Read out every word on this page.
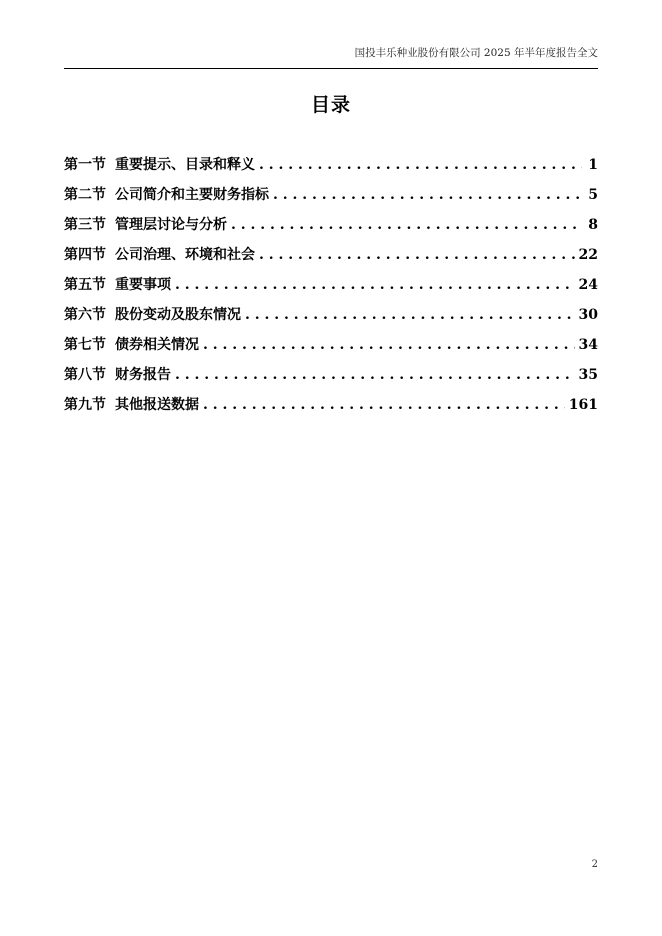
国投丰乐种业股份有限公司 2025 年半年度报告全文
目录
第一节 重要提示、目录和释义 . . .	1
第二节 公司简介和主要财务指标 . . .	5
第三节 管理层讨论与分析 . . .	8
第四节 公司治理、环境和社会 . . .	22
第五节 重要事项 . . .	24
第六节 股份变动及股东情况 . . .	30
第七节 债券相关情况 . . .	34
第八节 财务报告 . . .	35
第九节 其他报送数据 . . .	161
2
